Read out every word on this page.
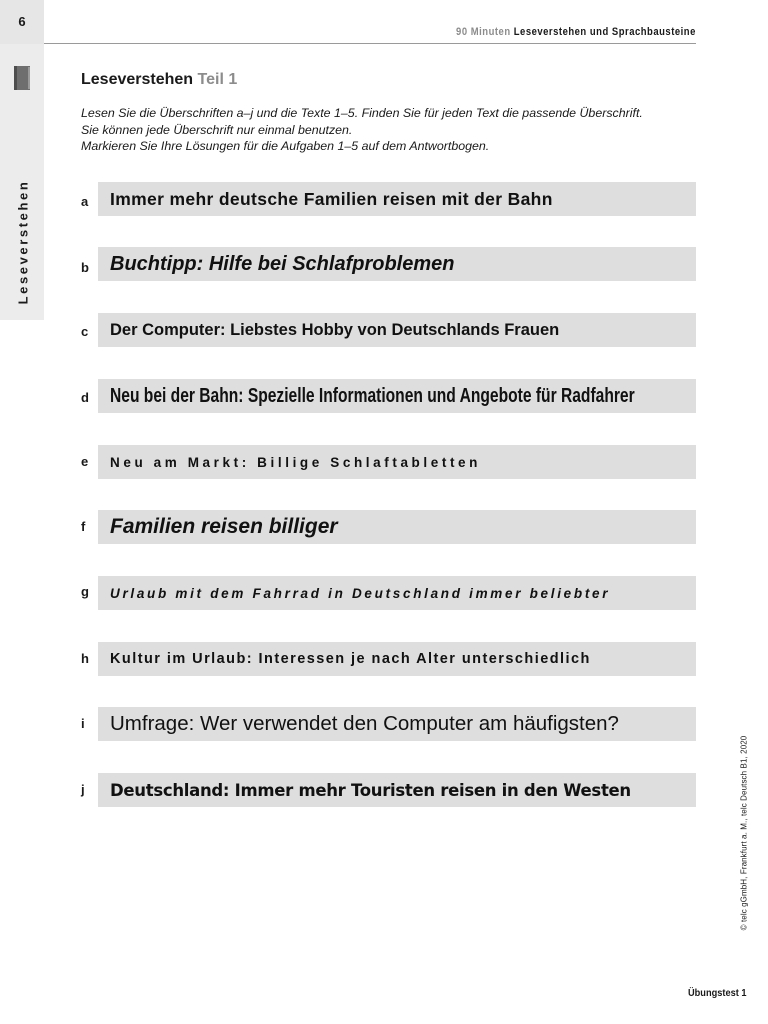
6
Leseverstehen
90 Minuten Leseverstehen und Sprachbausteine
Leseverstehen Teil 1
Lesen Sie die Überschriften a–j und die Texte 1–5. Finden Sie für jeden Text die passende Überschrift.
Sie können jede Überschrift nur einmal benutzen.
Markieren Sie Ihre Lösungen für die Aufgaben 1–5 auf dem Antwortbogen.
a Immer mehr deutsche Familien reisen mit der Bahn
b Buchtipp: Hilfe bei Schlafproblemen
c Der Computer: Liebstes Hobby von Deutschlands Frauen
d Neu bei der Bahn: Spezielle Informationen und Angebote für Radfahrer
e Neu am Markt: Billige Schlaftabletten
f Familien reisen billiger
g Urlaub mit dem Fahrrad in Deutschland immer beliebter
h Kultur im Urlaub: Interessen je nach Alter unterschiedlich
i Umfrage: Wer verwendet den Computer am häufigsten?
j Deutschland: Immer mehr Touristen reisen in den Westen	© telc gGmbH, Frankfurt a. M., telc Deutsch B1, 2020
Übungstest 1
